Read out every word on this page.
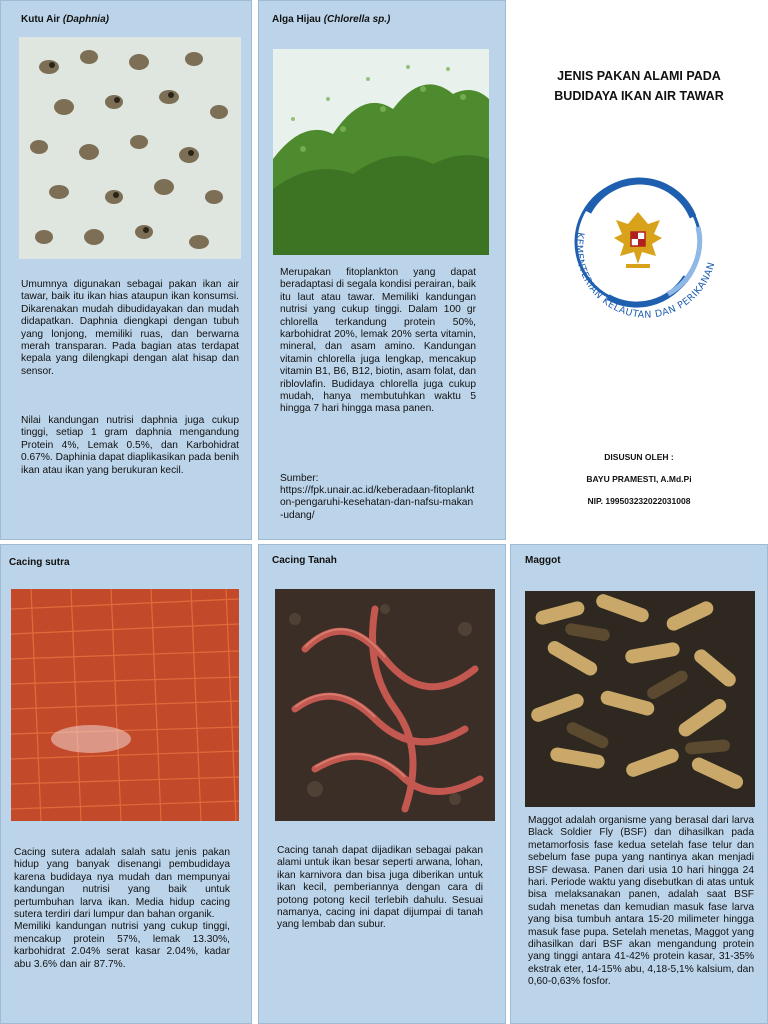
Kutu Air (Daphnia)
Umumnya digunakan sebagai pakan ikan air tawar, baik itu ikan hias ataupun ikan konsumsi. Dikarenakan mudah dibudidayakan dan mudah didapatkan. Daphnia diengkapi dengan tubuh yang lonjong, memiliki ruas, dan berwarna merah transparan. Pada bagian atas terdapat kepala yang dilengkapi dengan alat hisap dan sensor.
Nilai kandungan nutrisi daphnia juga cukup tinggi, setiap 1 gram daphnia mengandung Protein 4%, Lemak 0.5%, dan Karbohidrat 0.67%. Daphinia dapat diaplikasikan pada benih ikan atau ikan yang berukuran kecil.
Alga Hijau (Chlorella sp.)
Merupakan fitoplankton yang dapat beradaptasi di segala kondisi perairan, baik itu laut atau tawar. Memiliki kandungan nutrisi yang cukup tinggi. Dalam 100 gr chlorella terkandung protein 50%, karbohidrat 20%, lemak 20% serta vitamin, mineral, dan asam amino. Kandungan vitamin chlorella juga lengkap, mencakup vitamin B1, B6, B12, biotin, asam folat, dan riblovlafin. Budidaya chlorella juga cukup mudah, hanya membutuhkan waktu 5 hingga 7 hari hingga masa panen.
Sumber:
https://fpk.unair.ac.id/keberadaan-fitoplankton-pengaruhi-kesehatan-dan-nafsu-makan-udang/
JENIS PAKAN ALAMI PADA
BUDIDAYA IKAN AIR TAWAR
KEMENTERIAN KELAUTAN DAN PERIKANAN
DISUSUN OLEH :
BAYU PRAMESTI, A.Md.Pi
NIP. 199503232022031008
Cacing sutra
Cacing sutera adalah salah satu jenis pakan hidup yang banyak disenangi pembudidaya karena budidaya nya mudah dan mempunyai kandungan nutrisi yang baik untuk pertumbuhan larva ikan. Media hidup cacing sutera terdiri dari lumpur dan bahan organik.
Memiliki kandungan nutrisi yang cukup tinggi, mencakup protein 57%, lemak 13.30%, karbohidrat 2.04% serat kasar 2.04%, kadar abu 3.6% dan air 87.7%.
Cacing Tanah
Cacing tanah dapat dijadikan sebagai pakan alami untuk ikan besar seperti arwana, lohan, ikan karnivora dan bisa juga diberikan untuk ikan kecil, pemberiannya dengan cara di potong potong kecil terlebih dahulu. Sesuai namanya, cacing ini dapat dijumpai di tanah yang lembab dan subur.
Maggot
Maggot adalah organisme yang berasal dari larva Black Soldier Fly (BSF) dan dihasilkan pada metamorfosis fase kedua setelah fase telur dan sebelum fase pupa yang nantinya akan menjadi BSF dewasa. Panen dari usia 10 hari hingga 24 hari. Periode waktu yang disebutkan di atas untuk bisa melaksanakan panen, adalah saat BSF sudah menetas dan kemudian masuk fase larva yang bisa tumbuh antara 15-20 milimeter hingga masuk fase pupa. Setelah menetas, Maggot yang dihasilkan dari BSF akan mengandung protein yang tinggi antara 41-42% protein kasar, 31-35% ekstrak eter, 14-15% abu, 4,18-5,1% kalsium, dan 0,60-0,63% fosfor.
